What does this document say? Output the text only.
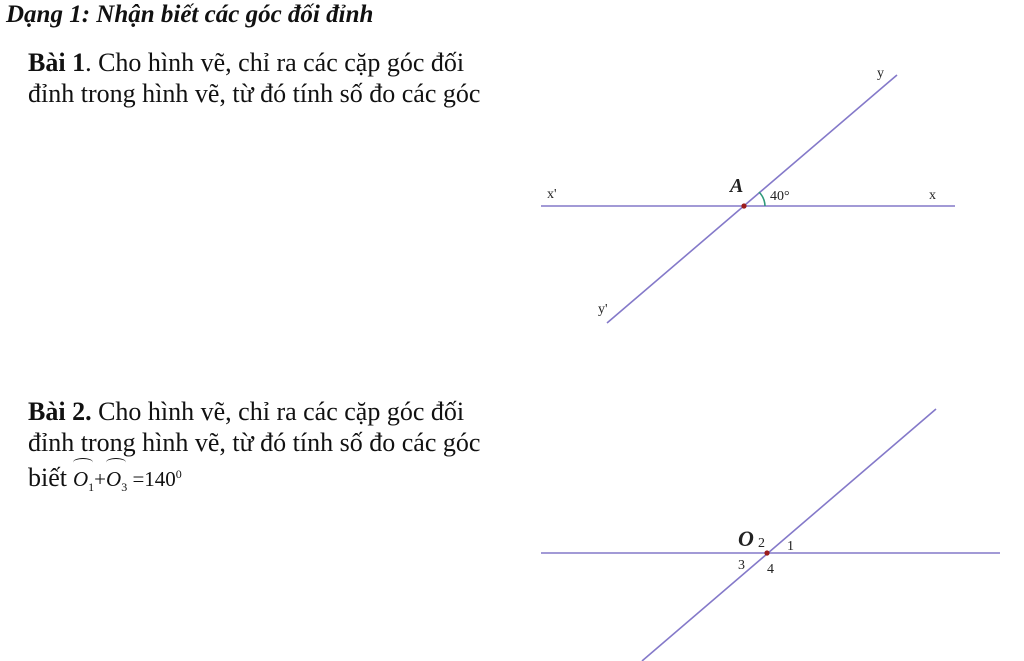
Dạng 1: Nhận biết các góc đối đỉnh
Bài 1. Cho hình vẽ, chỉ ra các cặp góc đối đỉnh trong hình vẽ, từ đó tính số đo các góc
Bài 2. Cho hình vẽ, chỉ ra các cặp góc đối đỉnh trong hình vẽ, từ đó tính số đo các góc biết $O_1+O_3 =140^0$
A 40°
x'	x
y
y'
O 2 1
3 4
